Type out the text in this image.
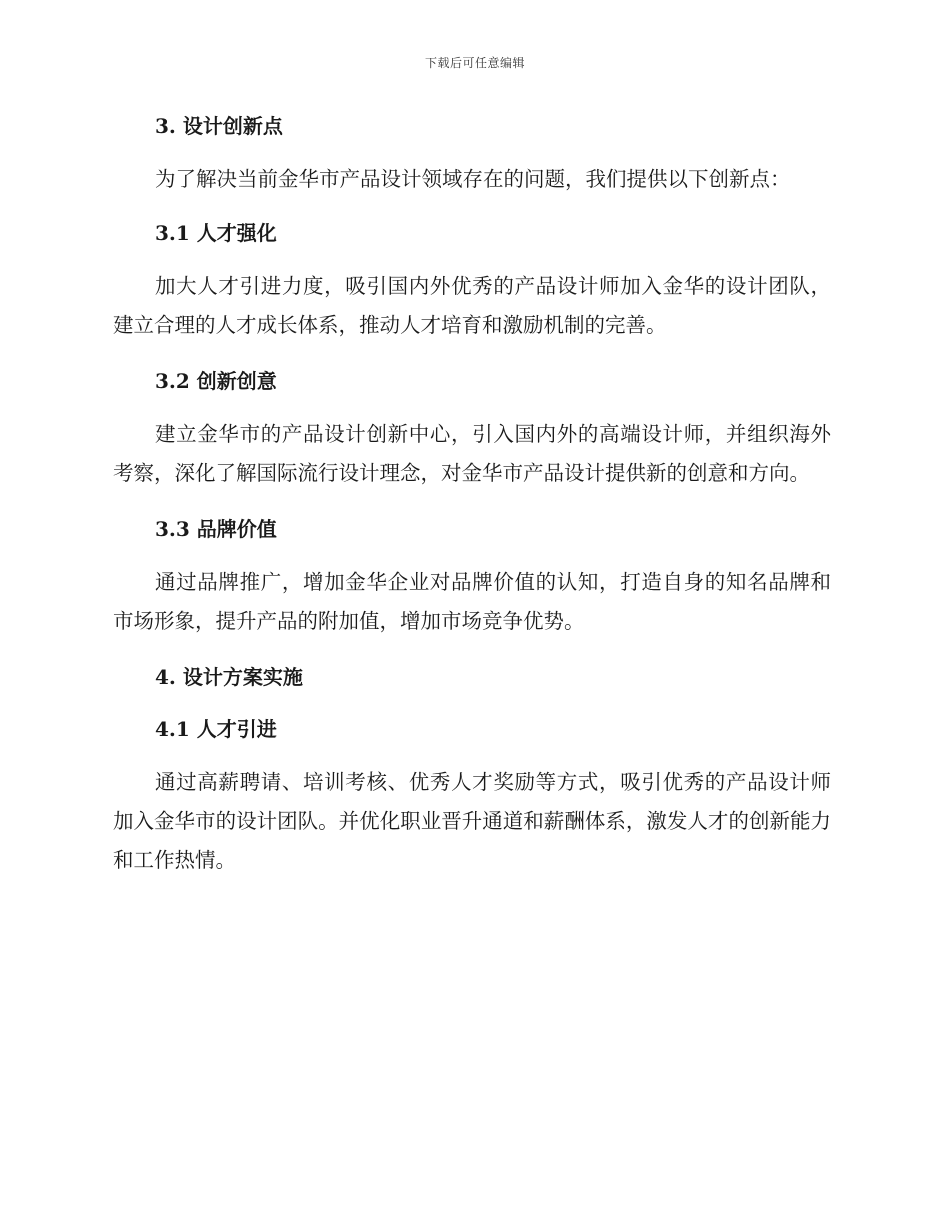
下载后可任意编辑

3. 设计创新点

为了解决当前金华市产品设计领域存在的问题，我们提供以下创新点：

3.1 人才强化

加大人才引进力度，吸引国内外优秀的产品设计师加入金华的设计团队，建立合理的人才成长体系，推动人才培育和激励机制的完善。

3.2 创新创意

建立金华市的产品设计创新中心，引入国内外的高端设计师，并组织海外考察，深化了解国际流行设计理念，对金华市产品设计提供新的创意和方向。

3.3 品牌价值

通过品牌推广，增加金华企业对品牌价值的认知，打造自身的知名品牌和市场形象，提升产品的附加值，增加市场竞争优势。

4. 设计方案实施

4.1 人才引进

通过高薪聘请、培训考核、优秀人才奖励等方式，吸引优秀的产品设计师加入金华市的设计团队。并优化职业晋升通道和薪酬体系，激发人才的创新能力和工作热情。
